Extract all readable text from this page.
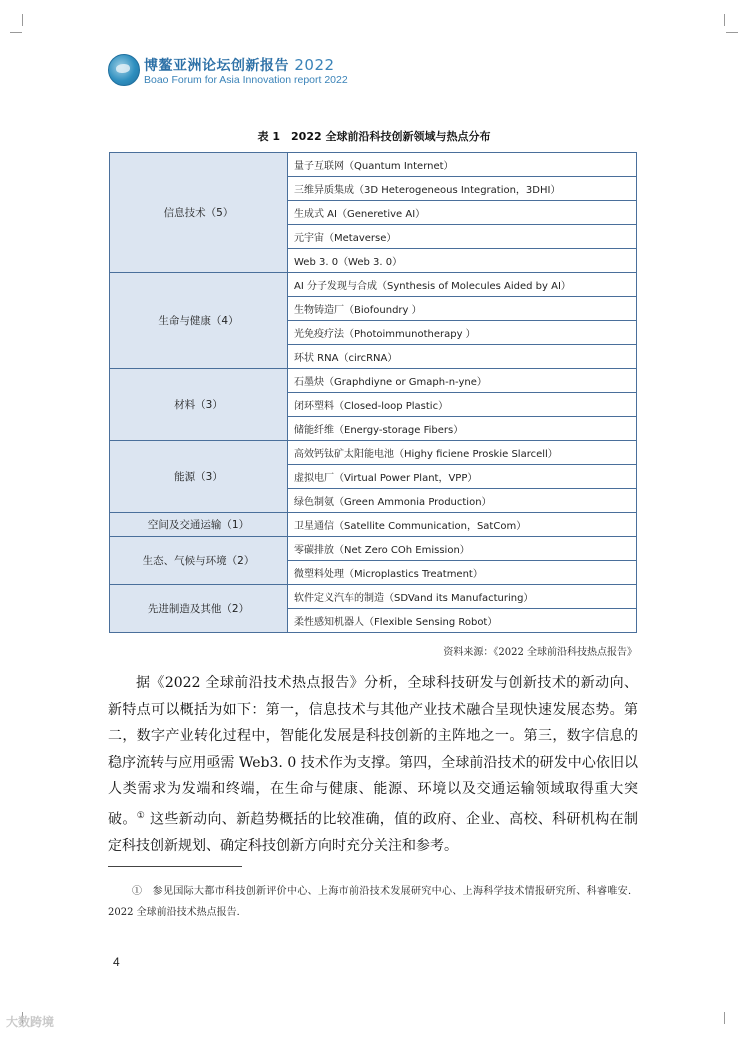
博鳌亚洲论坛创新报告 2022
Boao Forum for Asia Innovation report 2022
表 1　2022 全球前沿科技创新领域与热点分布
信息技术（5）	量子互联网（Quantum Internet）
	三维异质集成（3D Heterogeneous Integration，3DHI）
	生成式 AI（Generetive AI）
	元宇宙（Metaverse）
	Web 3. 0（Web 3. 0）
生命与健康（4）	AI 分子发现与合成（Synthesis of Molecules Aided by AI）
	生物铸造厂（Biofoundry ）
	光免疫疗法（Photoimmunotherapy ）
	环状 RNA（circRNA）
材料（3）	石墨炔（Graphdiyne or Gmaph-n-yne）
	闭环塑料（Closed-loop Plastic）
	储能纤维（Energy-storage Fibers）
能源（3）	高效钙钛矿太阳能电池（Highy ficiene Proskie Slarcell）
	虚拟电厂（Virtual Power Plant，VPP）
	绿色制氨（Green Ammonia Production）
空间及交通运输（1）	卫星通信（Satellite Communication，SatCom）
生态、气候与环境（2）	零碳排放（Net Zero COh Emission）
	微塑料处理（Microplastics Treatment）
先进制造及其他（2）	软件定义汽车的制造（SDVand its Manufacturing）
	柔性感知机器人（Flexible Sensing Robot）
资料来源：《2022 全球前沿科技热点报告》

据《2022 全球前沿技术热点报告》分析，全球科技研发与创新技术的新动向、新特点可以概括为如下：第一，信息技术与其他产业技术融合呈现快速发展态势。第二，数字产业转化过程中，智能化发展是科技创新的主阵地之一。第三，数字信息的稳序流转与应用亟需 Web3. 0 技术作为支撑。第四，全球前沿技术的研发中心依旧以人类需求为发端和终端，在生命与健康、能源、环境以及交通运输领域取得重大突破。① 这些新动向、新趋势概括的比较准确，值的政府、企业、高校、科研机构在制定科技创新规划、确定科技创新方向时充分关注和参考。

①　参见国际大都市科技创新评价中心、上海市前沿技术发展研究中心、上海科学技术情报研究所、科睿唯安．2022 全球前沿技术热点报告．

4
大数跨境
